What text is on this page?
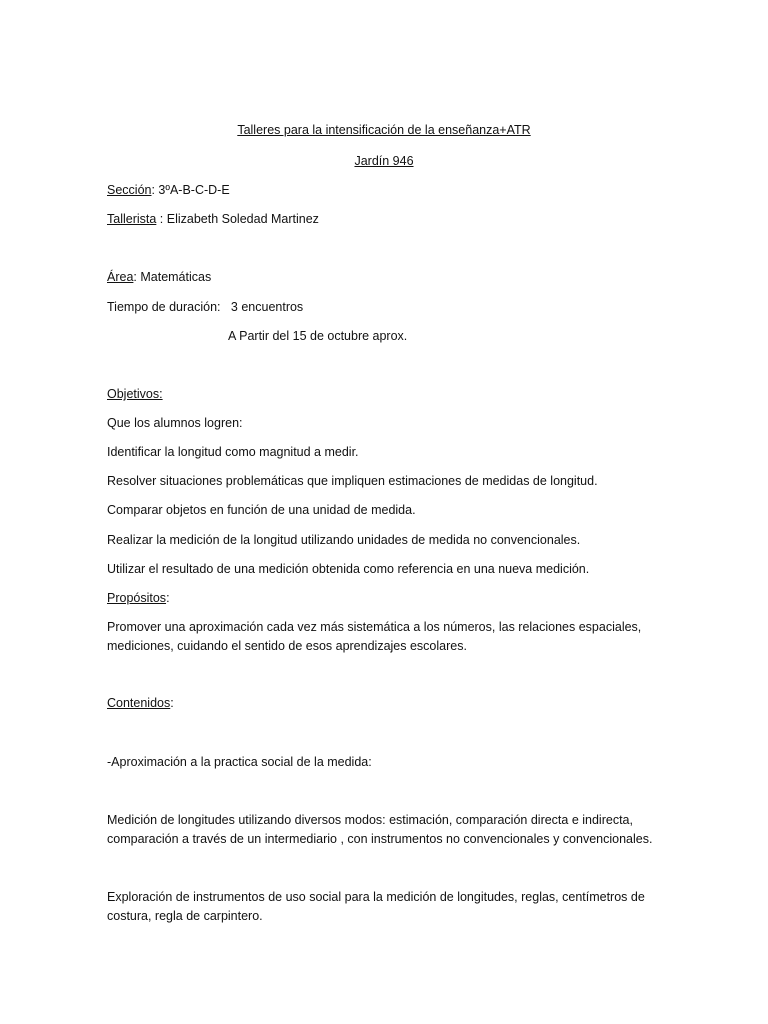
Talleres para la intensificación de la enseñanza+ATR
Jardín 946
Sección: 3ºA-B-C-D-E
Tallerista : Elizabeth Soledad Martinez
Área: Matemáticas
Tiempo de duración:   3 encuentros
A Partir del 15 de octubre aprox.
Objetivos:
Que los alumnos logren:
Identificar la longitud como magnitud a medir.
Resolver situaciones problemáticas que impliquen estimaciones de medidas de longitud.
Comparar objetos en función de una unidad de medida.
Realizar la medición de la longitud utilizando unidades de medida no convencionales.
Utilizar el resultado de una medición obtenida como referencia en una nueva medición.
Propósitos:
Promover una aproximación cada vez más sistemática a los números, las relaciones espaciales, mediciones, cuidando el sentido de esos aprendizajes escolares.
Contenidos:
-Aproximación a la practica social de la medida:
Medición de longitudes utilizando diversos modos: estimación, comparación directa e indirecta, comparación a través de un intermediario , con instrumentos no convencionales y convencionales.
Exploración de instrumentos de uso social para la medición de longitudes, reglas, centímetros de costura, regla de carpintero.
